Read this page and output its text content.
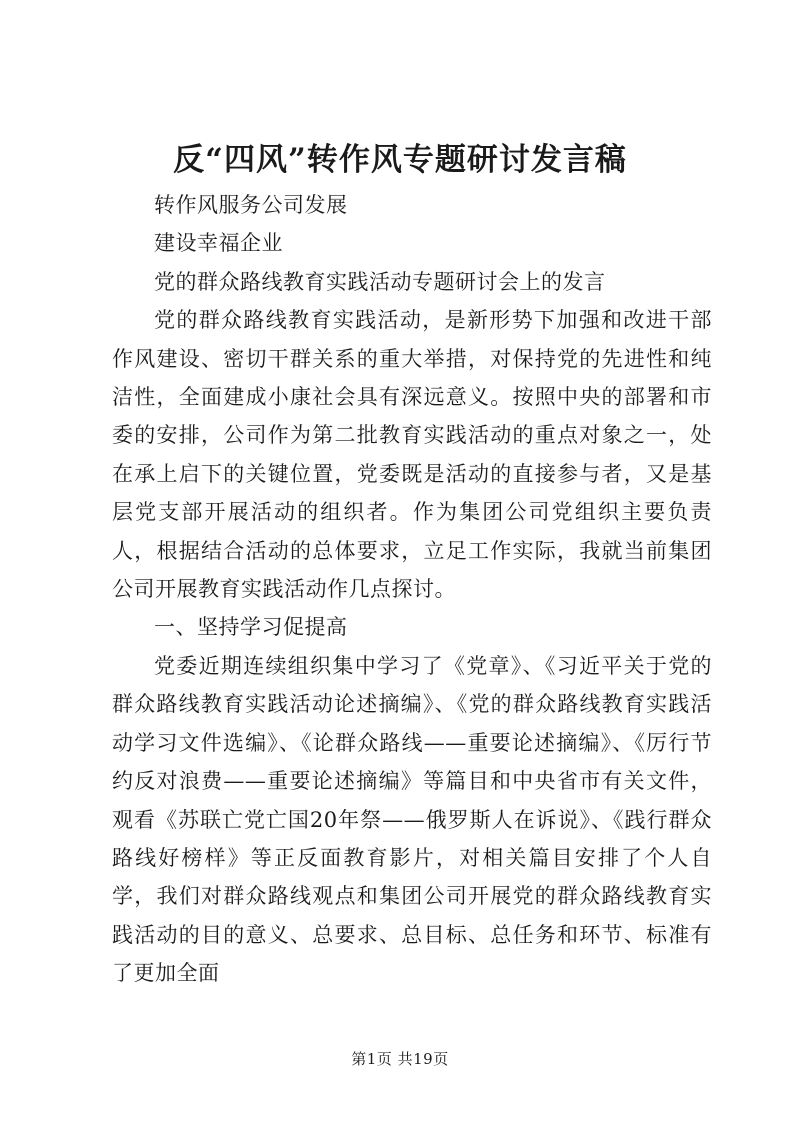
反“四风”转作风专题研讨发言稿

转作风服务公司发展

建设幸福企业

党的群众路线教育实践活动专题研讨会上的发言

党的群众路线教育实践活动，是新形势下加强和改进干部作风建设、密切干群关系的重大举措，对保持党的先进性和纯洁性，全面建成小康社会具有深远意义。按照中央的部署和市委的安排，公司作为第二批教育实践活动的重点对象之一，处在承上启下的关键位置，党委既是活动的直接参与者，又是基层党支部开展活动的组织者。作为集团公司党组织主要负责人，根据结合活动的总体要求，立足工作实际，我就当前集团公司开展教育实践活动作几点探讨。

一、坚持学习促提高

党委近期连续组织集中学习了《党章》、《习近平关于党的群众路线教育实践活动论述摘编》、《党的群众路线教育实践活动学习文件选编》、《论群众路线——重要论述摘编》、《厉行节约反对浪费——重要论述摘编》等篇目和中央省市有关文件，观看《苏联亡党亡国20年祭——俄罗斯人在诉说》、《践行群众路线好榜样》等正反面教育影片，对相关篇目安排了个人自学，我们对群众路线观点和集团公司开展党的群众路线教育实践活动的目的意义、总要求、总目标、总任务和环节、标准有了更加全面

第1页 共19页
